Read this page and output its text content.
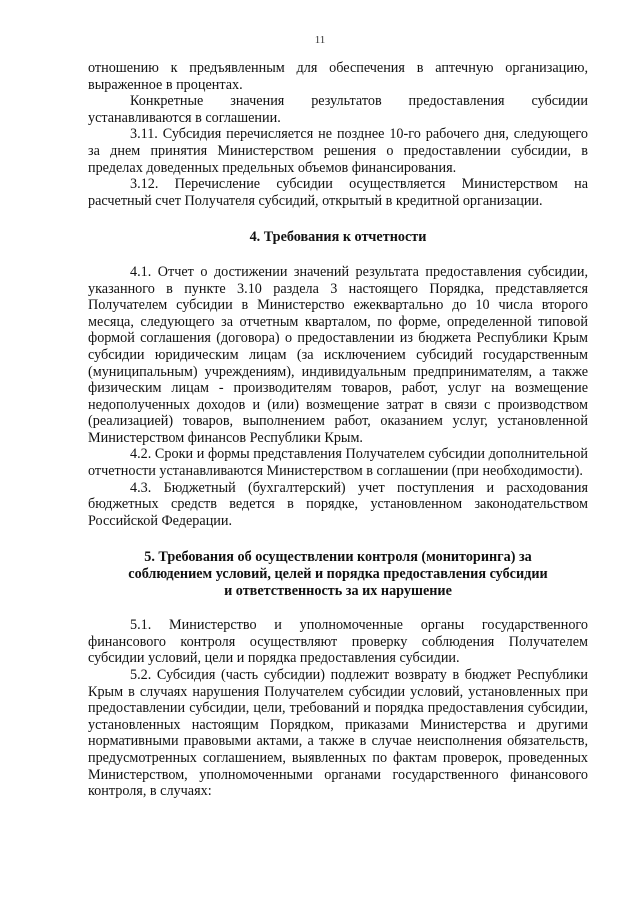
11

отношению к предъявленным для обеспечения в аптечную организацию, выраженное в процентах.

Конкретные значения результатов предоставления субсидии устанавливаются в соглашении.

3.11. Субсидия перечисляется не позднее 10-го рабочего дня, следующего за днем принятия Министерством решения о предоставлении субсидии, в пределах доведенных предельных объемов финансирования.

3.12. Перечисление субсидии осуществляется Министерством на расчетный счет Получателя субсидий, открытый в кредитной организации.

4. Требования к отчетности

4.1. Отчет о достижении значений результата предоставления субсидии, указанного в пункте 3.10 раздела 3 настоящего Порядка, представляется Получателем субсидии в Министерство ежеквартально до 10 числа второго месяца, следующего за отчетным кварталом, по форме, определенной типовой формой соглашения (договора) о предоставлении из бюджета Республики Крым субсидии юридическим лицам (за исключением субсидий государственным (муниципальным) учреждениям), индивидуальным предпринимателям, а также физическим лицам - производителям товаров, работ, услуг на возмещение недополученных доходов и (или) возмещение затрат в связи с производством (реализацией) товаров, выполнением работ, оказанием услуг, установленной Министерством финансов Республики Крым.

4.2. Сроки и формы представления Получателем субсидии дополнительной отчетности устанавливаются Министерством в соглашении (при необходимости).

4.3. Бюджетный (бухгалтерский) учет поступления и расходования бюджетных средств ведется в порядке, установленном законодательством Российской Федерации.

5. Требования об осуществлении контроля (мониторинга) за
соблюдением условий, целей и порядка предоставления субсидии
и ответственность за их нарушение

5.1. Министерство и уполномоченные органы государственного финансового контроля осуществляют проверку соблюдения Получателем субсидии условий, цели и порядка предоставления субсидии.

5.2. Субсидия (часть субсидии) подлежит возврату в бюджет Республики Крым в случаях нарушения Получателем субсидии условий, установленных при предоставлении субсидии, цели, требований и порядка предоставления субсидии, установленных настоящим Порядком, приказами Министерства и другими нормативными правовыми актами, а также в случае неисполнения обязательств, предусмотренных соглашением, выявленных по фактам проверок, проведенных Министерством, уполномоченными органами государственного финансового контроля, в случаях:
